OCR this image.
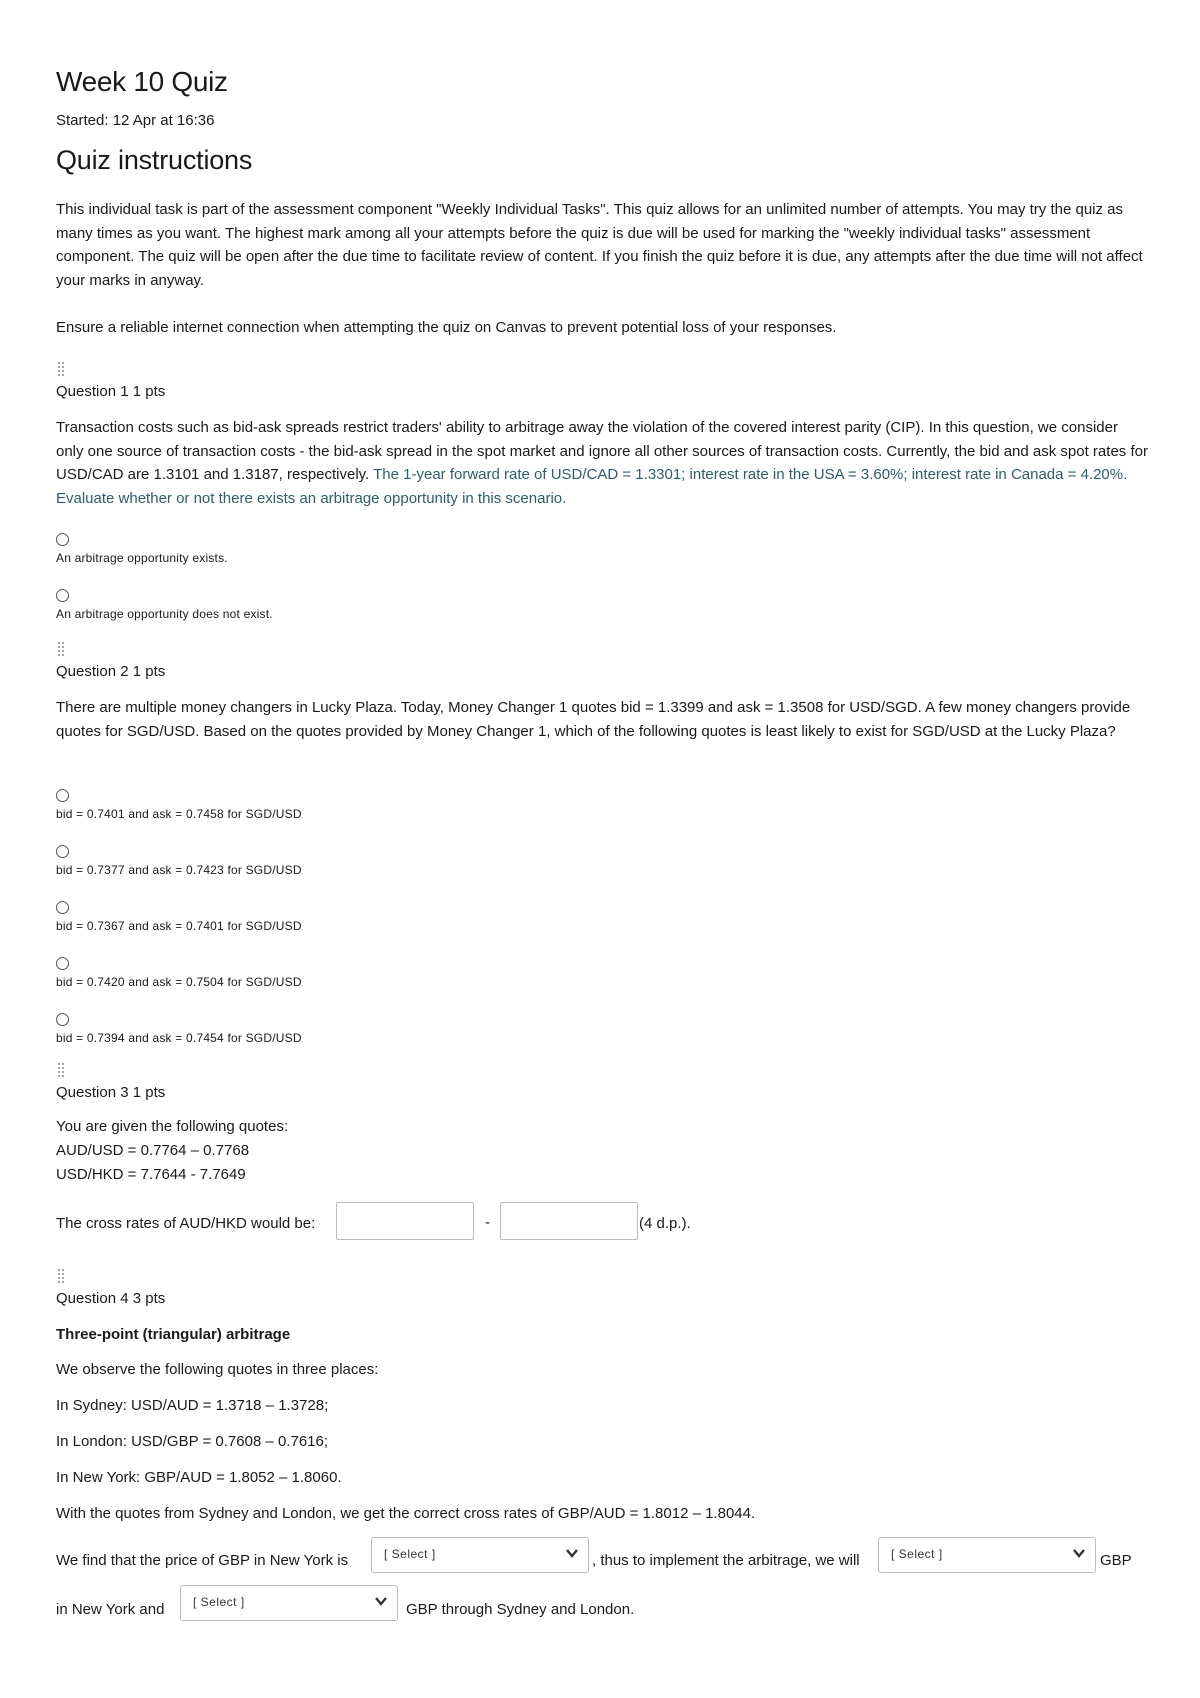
Week 10 Quiz
Started: 12 Apr at 16:36
Quiz instructions
This individual task is part of the assessment component "Weekly Individual Tasks". This quiz allows for an unlimited number of attempts. You may try the quiz as many times as you want. The highest mark among all your attempts before the quiz is due will be used for marking the "weekly individual tasks" assessment component. The quiz will be open after the due time to facilitate review of content. If you finish the quiz before it is due, any attempts after the due time will not affect your marks in anyway.
Ensure a reliable internet connection when attempting the quiz on Canvas to prevent potential loss of your responses.
Question 1 1 pts
Transaction costs such as bid-ask spreads restrict traders' ability to arbitrage away the violation of the covered interest parity (CIP). In this question, we consider only one source of transaction costs - the bid-ask spread in the spot market and ignore all other sources of transaction costs. Currently, the bid and ask spot rates for USD/CAD are 1.3101 and 1.3187, respectively. The 1-year forward rate of USD/CAD = 1.3301; interest rate in the USA = 3.60%; interest rate in Canada = 4.20%. Evaluate whether or not there exists an arbitrage opportunity in this scenario.
An arbitrage opportunity exists.
An arbitrage opportunity does not exist.
Question 2 1 pts
There are multiple money changers in Lucky Plaza. Today, Money Changer 1 quotes bid = 1.3399 and ask = 1.3508 for USD/SGD. A few money changers provide quotes for SGD/USD. Based on the quotes provided by Money Changer 1, which of the following quotes is least likely to exist for SGD/USD at the Lucky Plaza?
bid = 0.7401 and ask = 0.7458 for SGD/USD
bid = 0.7377 and ask = 0.7423 for SGD/USD
bid = 0.7367 and ask = 0.7401 for SGD/USD
bid = 0.7420 and ask = 0.7504 for SGD/USD
bid = 0.7394 and ask = 0.7454 for SGD/USD
Question 3 1 pts
You are given the following quotes:
AUD/USD = 0.7764 – 0.7768
USD/HKD = 7.7644 - 7.7649
The cross rates of AUD/HKD would be:	-	(4 d.p.).
Question 4 3 pts
Three-point (triangular) arbitrage
We observe the following quotes in three places:
In Sydney: USD/AUD = 1.3718 – 1.3728;
In London: USD/GBP = 0.7608 – 0.7616;
In New York: GBP/AUD = 1.8052 – 1.8060.
With the quotes from Sydney and London, we get the correct cross rates of GBP/AUD = 1.8012 – 1.8044.
We find that the price of GBP in New York is	[ Select ]	, thus to implement the arbitrage, we will	[ Select ]	GBP
in New York and [ Select ]	GBP through Sydney and London.
